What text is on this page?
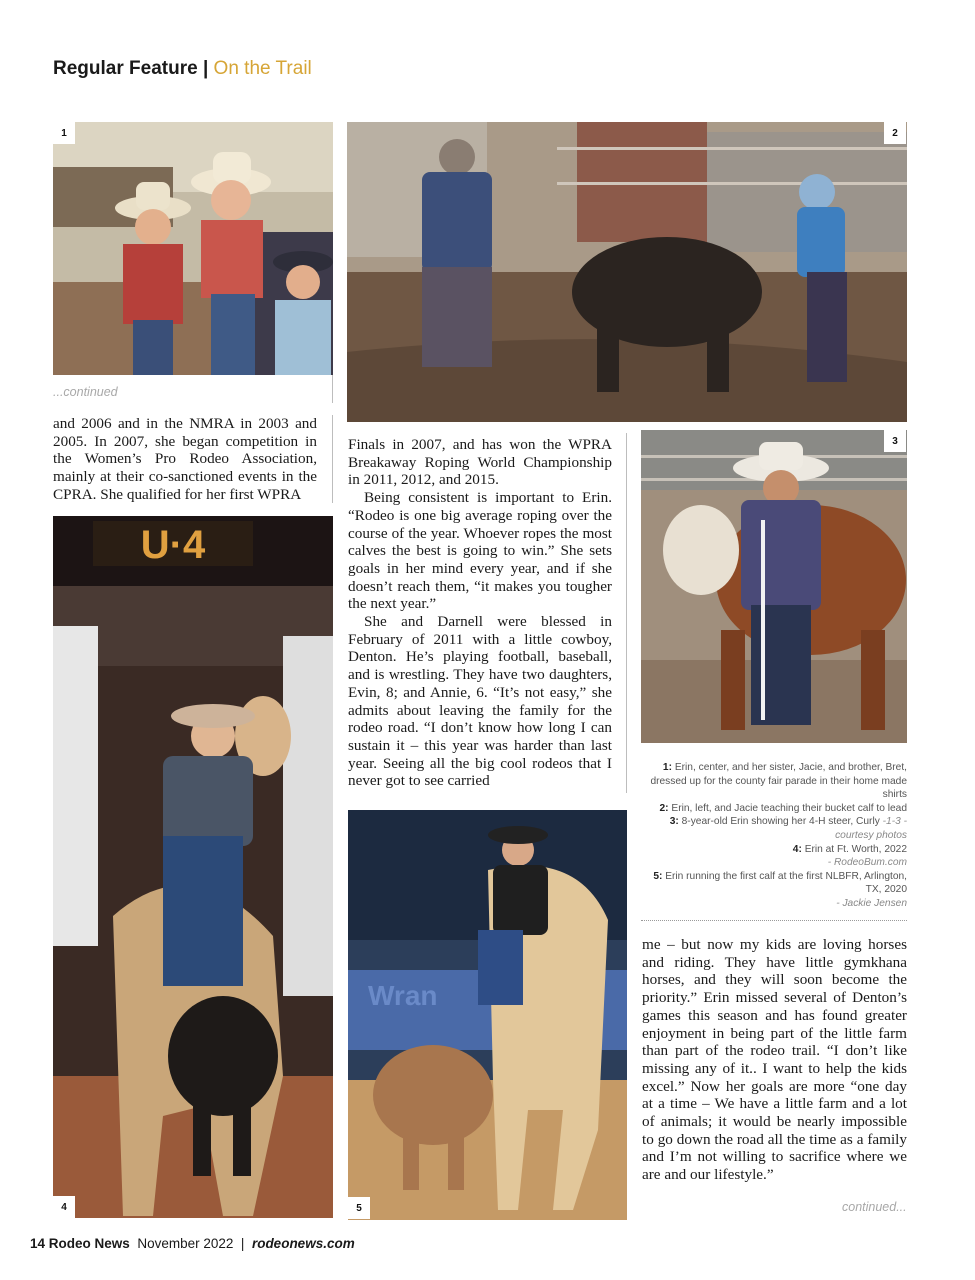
Regular Feature | On the Trail
1	2
...continued

and 2006 and in the NMRA in 2003 and 2005. In 2007, she began competition in the Women’s Pro Rodeo Association, mainly at their co-sanctioned events in the CPRA. She qualified for her first WPRA

U·4
4

Finals in 2007, and has won the WPRA Breakaway Roping World Championship in 2011, 2012, and 2015.

Being consistent is important to Erin. “Rodeo is one big average roping over the course of the year. Whoever ropes the most calves the best is going to win.” She sets goals in her mind every year, and if she doesn’t reach them, “it makes you tougher the next year.”

She and Darnell were blessed in February of 2011 with a little cowboy, Denton. He’s playing football, baseball, and is wrestling. They have two daughters, Evin, 8; and Annie, 6. “It’s not easy,” she admits about leaving the family for the rodeo road. “I don’t know how long I can sustain it – this year was harder than last year. Seeing all the big cool rodeos that I never got to see carried

3
1: Erin, center, and her sister, Jacie, and brother, Bret, dressed up for the county fair parade in their home made shirts
2: Erin, left, and Jacie teaching their bucket calf to lead
3: 8-year-old Erin showing her 4-H steer, Curly -1-3 - courtesy photos
4: Erin at Ft. Worth, 2022
- RodeoBum.com
5: Erin running the first calf at the first NLBFR, Arlington, TX, 2020
- Jackie Jensen
Wran
5

me – but now my kids are loving horses and riding. They have little gymkhana horses, and they will soon become the priority.” Erin missed several of Denton’s games this season and has found greater enjoyment in being part of the little farm than part of the rodeo trail. “I don’t like missing any of it.. I want to help the kids excel.” Now her goals are more “one day at a time – We have a little farm and a lot of animals; it would be nearly impossible to go down the road all the time as a family and I’m not willing to sacrifice where we are and our lifestyle.”

continued...
14 Rodeo News November 2022 | rodeonews.com
